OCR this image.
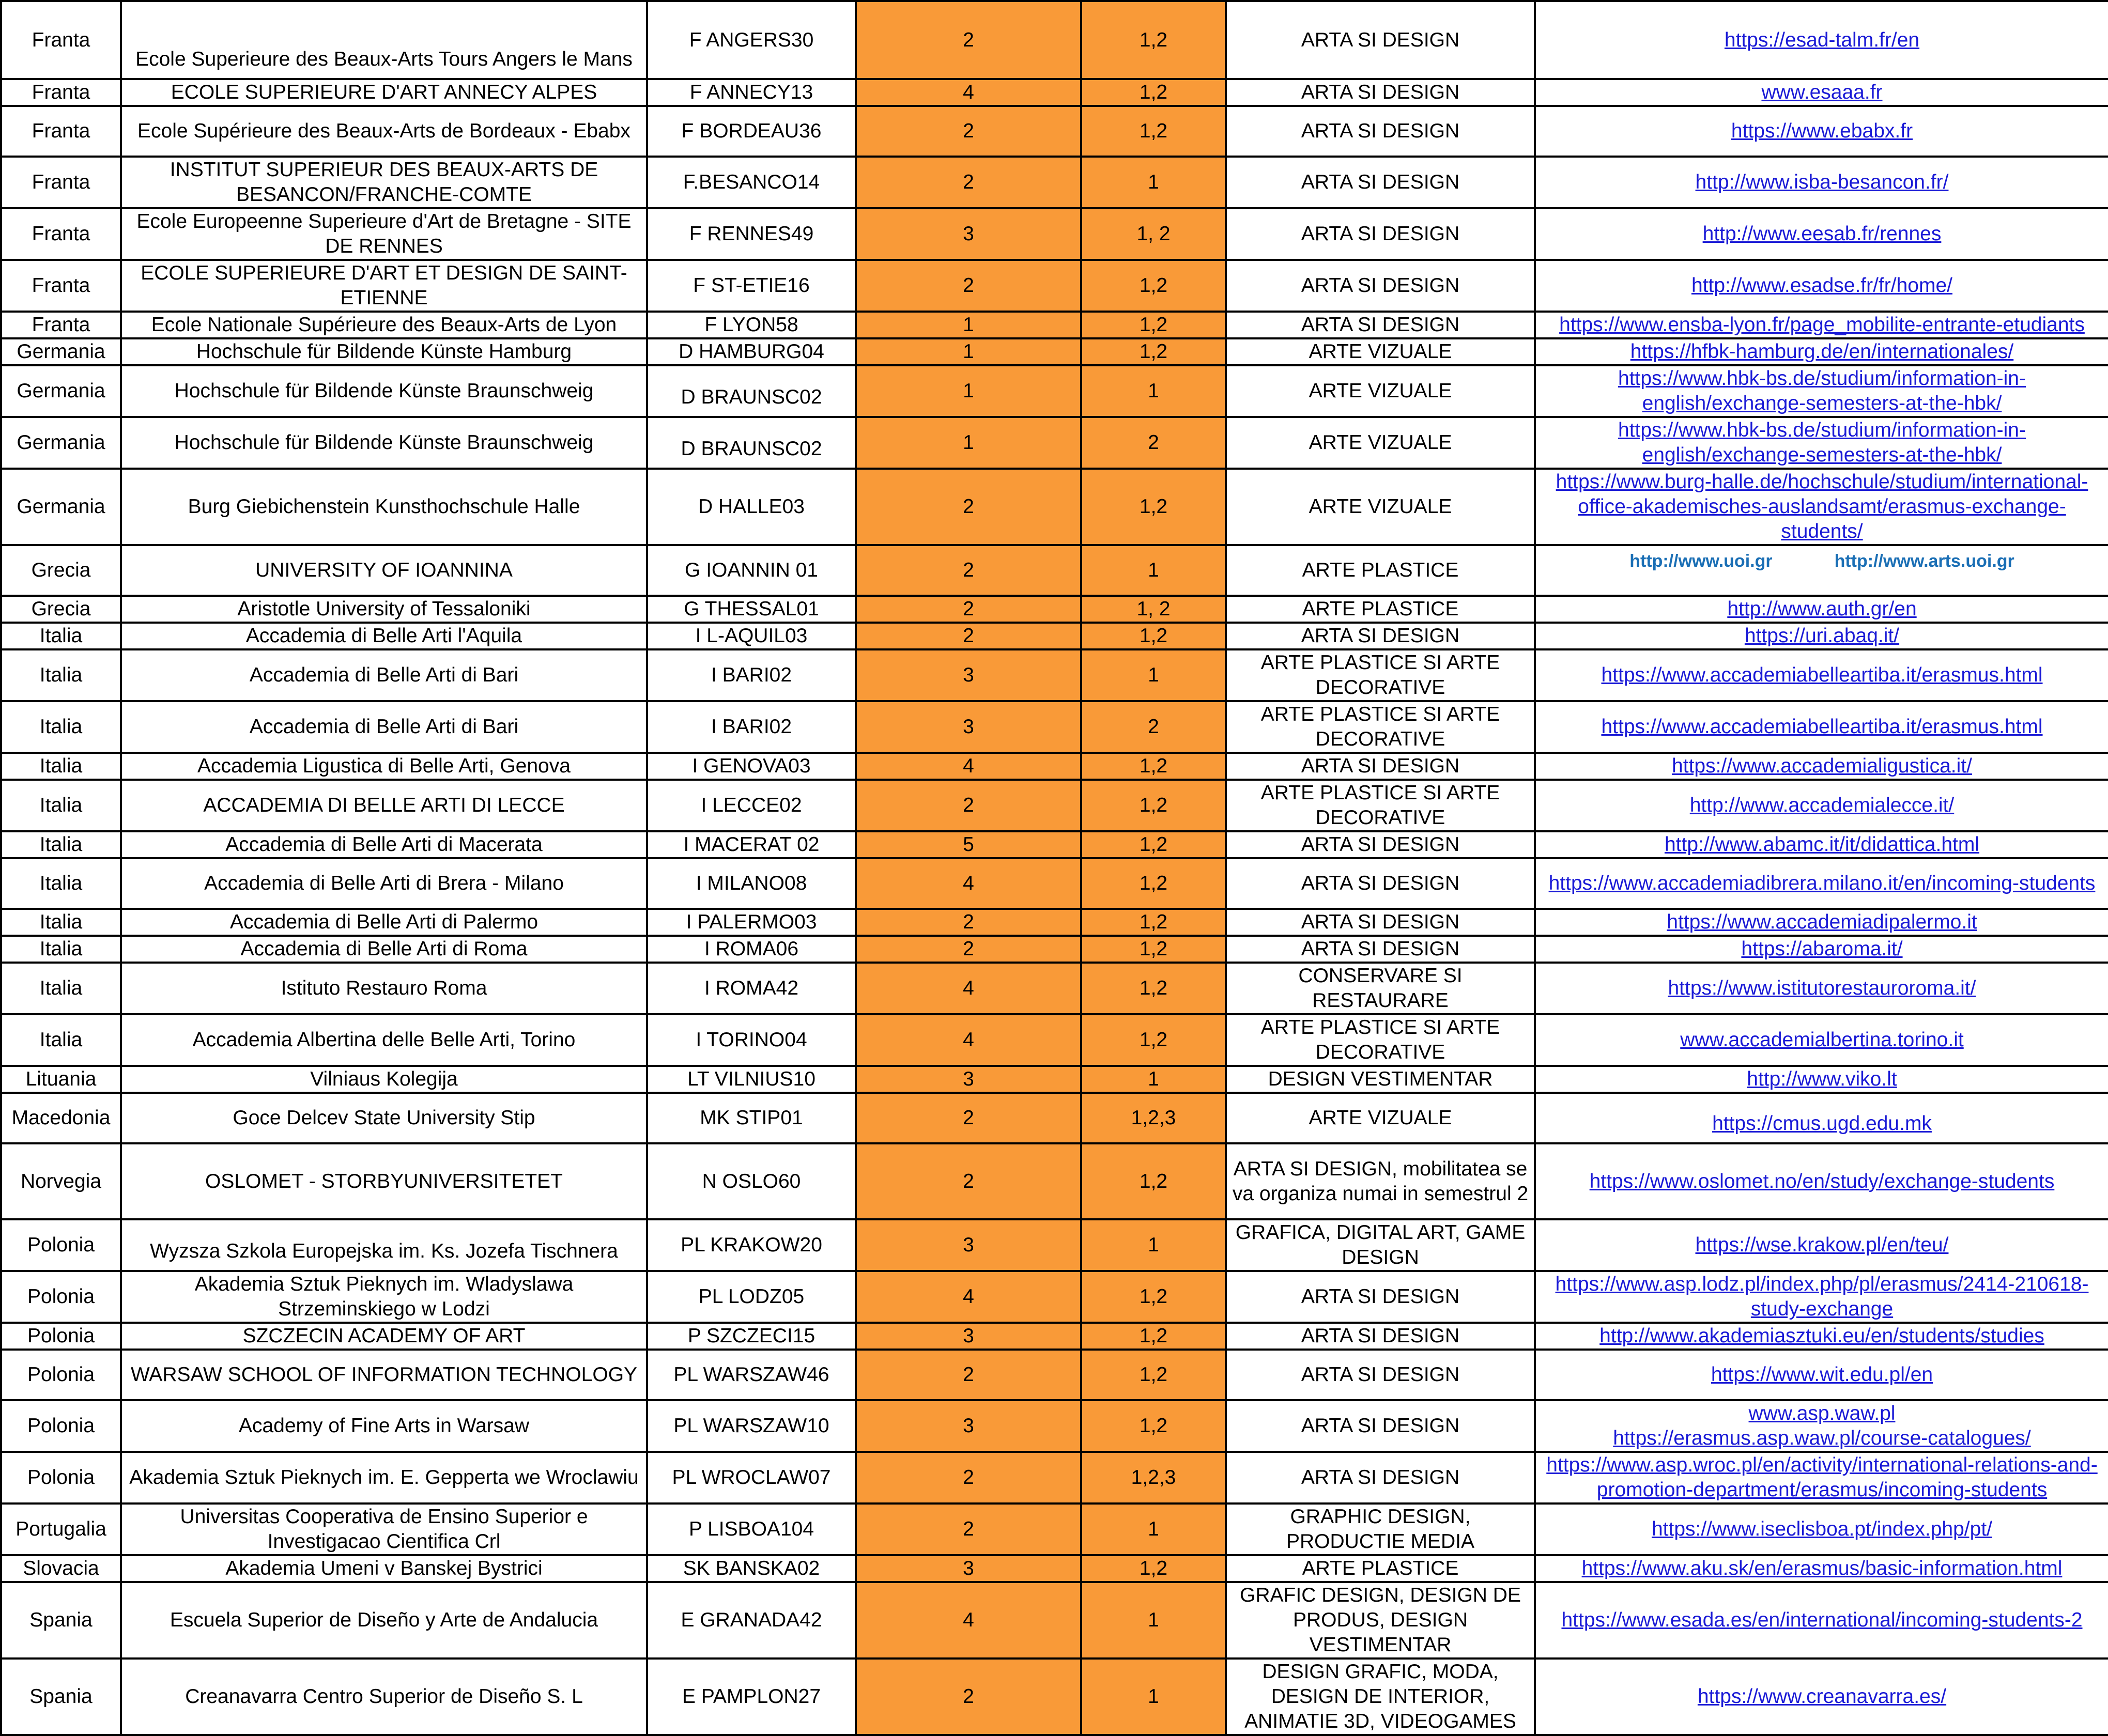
Franta	Ecole Superieure des Beaux-Arts Tours Angers le Mans	F ANGERS30	2	1,2	ARTA SI DESIGN	https://esad-talm.fr/en
Franta	ECOLE SUPERIEURE D'ART ANNECY ALPES	F ANNECY13	4	1,2	ARTA SI DESIGN	www.esaaa.fr
Franta	Ecole Supérieure des Beaux-Arts de Bordeaux - Ebabx	F BORDEAU36	2	1,2	ARTA SI DESIGN	https://www.ebabx.fr
Franta	INSTITUT SUPERIEUR DES BEAUX-ARTS DE BESANCON/FRANCHE-COMTE	F.BESANCO14	2	1	ARTA SI DESIGN	http://www.isba-besancon.fr/
Franta	Ecole Europeenne Superieure d'Art de Bretagne - SITE DE RENNES	F RENNES49	3	1, 2	ARTA SI DESIGN	http://www.eesab.fr/rennes
Franta	ECOLE SUPERIEURE D'ART ET DESIGN DE SAINT-ETIENNE	F ST-ETIE16	2	1,2	ARTA SI DESIGN	http://www.esadse.fr/fr/home/
Franta	Ecole Nationale Supérieure des Beaux-Arts de Lyon	F LYON58	1	1,2	ARTA SI DESIGN	https://www.ensba-lyon.fr/page_mobilite-entrante-etudiants
Germania	Hochschule für Bildende Künste Hamburg	D HAMBURG04	1	1,2	ARTE VIZUALE	https://hfbk-hamburg.de/en/internationales/
Germania	Hochschule für Bildende Künste Braunschweig	D BRAUNSC02	1	1	ARTE VIZUALE	https://www.hbk-bs.de/studium/information-in-english/exchange-semesters-at-the-hbk/
Germania	Hochschule für Bildende Künste Braunschweig	D BRAUNSC02	1	2	ARTE VIZUALE	https://www.hbk-bs.de/studium/information-in-english/exchange-semesters-at-the-hbk/
Germania	Burg Giebichenstein Kunsthochschule Halle	D HALLE03	2	1,2	ARTE VIZUALE	https://www.burg-halle.de/hochschule/studium/international-office-akademisches-auslandsamt/erasmus-exchange-students/
Grecia	UNIVERSITY OF IOANNINA	G IOANNIN 01	2	1	ARTE PLASTICE	http://www.uoi.gr http://www.arts.uoi.gr
Grecia	Aristotle University of Tessaloniki	G THESSAL01	2	1, 2	ARTE PLASTICE	http://www.auth.gr/en
Italia	Accademia di Belle Arti l'Aquila	I L-AQUIL03	2	1,2	ARTA SI DESIGN	https://uri.abaq.it/
Italia	Accademia di Belle Arti di Bari	I BARI02	3	1	ARTE PLASTICE SI ARTE DECORATIVE	https://www.accademiabelleartiba.it/erasmus.html
Italia	Accademia di Belle Arti di Bari	I BARI02	3	2	ARTE PLASTICE SI ARTE DECORATIVE	https://www.accademiabelleartiba.it/erasmus.html
Italia	Accademia Ligustica di Belle Arti, Genova	I GENOVA03	4	1,2	ARTA SI DESIGN	https://www.accademialigustica.it/
Italia	ACCADEMIA DI BELLE ARTI DI LECCE	I LECCE02	2	1,2	ARTE PLASTICE SI ARTE DECORATIVE	http://www.accademialecce.it/
Italia	Accademia di Belle Arti di Macerata	I MACERAT 02	5	1,2	ARTA SI DESIGN	http://www.abamc.it/it/didattica.html
Italia	Accademia di Belle Arti di Brera - Milano	I MILANO08	4	1,2	ARTA SI DESIGN	https://www.accademiadibrera.milano.it/en/incoming-students
Italia	Accademia di Belle Arti di Palermo	I PALERMO03	2	1,2	ARTA SI DESIGN	https://www.accademiadipalermo.it
Italia	Accademia di Belle Arti di Roma	I ROMA06	2	1,2	ARTA SI DESIGN	https://abaroma.it/
Italia	Istituto Restauro Roma	I ROMA42	4	1,2	CONSERVARE SI RESTAURARE	https://www.istitutorestauroroma.it/
Italia	Accademia Albertina delle Belle Arti, Torino	I TORINO04	4	1,2	ARTE PLASTICE SI ARTE DECORATIVE	www.accademialbertina.torino.it
Lituania	Vilniaus Kolegija	LT VILNIUS10	3	1	DESIGN VESTIMENTAR	http://www.viko.lt
Macedonia	Goce Delcev State University Stip	MK STIP01	2	1,2,3	ARTE VIZUALE	https://cmus.ugd.edu.mk
Norvegia	OSLOMET - STORBYUNIVERSITETET	N OSLO60	2	1,2	ARTA SI DESIGN, mobilitatea se va organiza numai in semestrul 2	https://www.oslomet.no/en/study/exchange-students
Polonia	Wyzsza Szkola Europejska im. Ks. Jozefa Tischnera	PL KRAKOW20	3	1	GRAFICA, DIGITAL ART, GAME DESIGN	https://wse.krakow.pl/en/teu/
Polonia	Akademia Sztuk Pieknych im. Wladyslawa Strzeminskiego w Lodzi	PL LODZ05	4	1,2	ARTA SI DESIGN	https://www.asp.lodz.pl/index.php/pl/erasmus/2414-210618-study-exchange
Polonia	SZCZECIN ACADEMY OF ART	P SZCZECI15	3	1,2	ARTA SI DESIGN	http://www.akademiasztuki.eu/en/students/studies
Polonia	WARSAW SCHOOL OF INFORMATION TECHNOLOGY	PL WARSZAW46	2	1,2	ARTA SI DESIGN	https://www.wit.edu.pl/en
Polonia	Academy of Fine Arts in Warsaw	PL WARSZAW10	3	1,2	ARTA SI DESIGN	www.asp.waw.pl
https://erasmus.asp.waw.pl/course-catalogues/
Polonia	Akademia Sztuk Pieknych im. E. Gepperta we Wroclawiu	PL WROCLAW07	2	1,2,3	ARTA SI DESIGN	https://www.asp.wroc.pl/en/activity/international-relations-and-promotion-department/erasmus/incoming-students
Portugalia	Universitas Cooperativa de Ensino Superior e Investigacao Cientifica Crl	P LISBOA104	2	1	GRAPHIC DESIGN, PRODUCTIE MEDIA	https://www.iseclisboa.pt/index.php/pt/
Slovacia	Akademia Umeni v Banskej Bystrici	SK BANSKA02	3	1,2	ARTE PLASTICE	https://www.aku.sk/en/erasmus/basic-information.html
Spania	Escuela Superior de Diseño y Arte de Andalucia	E GRANADA42	4	1	GRAFIC DESIGN, DESIGN DE PRODUS, DESIGN VESTIMENTAR	https://www.esada.es/en/international/incoming-students-2
Spania	Creanavarra Centro Superior de Diseño S. L	E PAMPLON27	2	1	DESIGN GRAFIC, MODA, DESIGN DE INTERIOR, ANIMATIE 3D, VIDEOGAMES	https://www.creanavarra.es/
